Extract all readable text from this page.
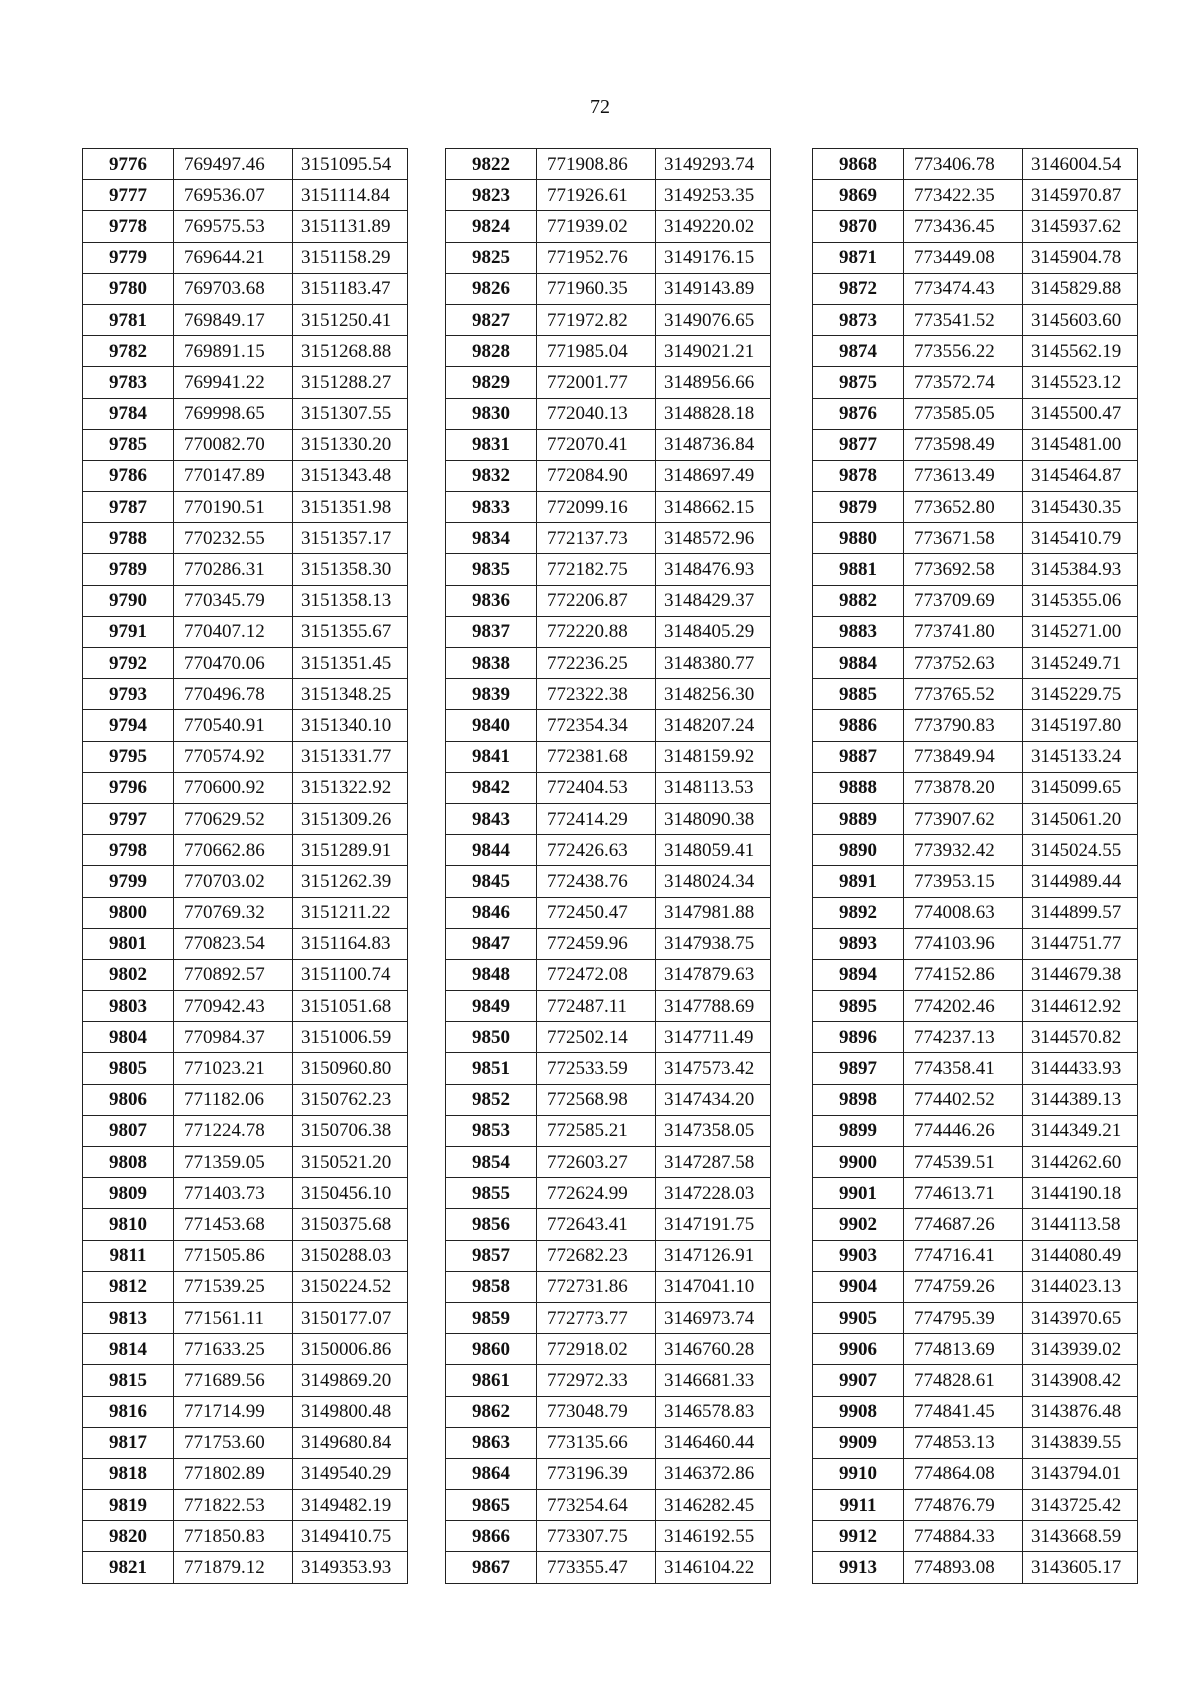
72
9776	769497.46	3151095.54
9777	769536.07	3151114.84
9778	769575.53	3151131.89
9779	769644.21	3151158.29
9780	769703.68	3151183.47
9781	769849.17	3151250.41
9782	769891.15	3151268.88
9783	769941.22	3151288.27
9784	769998.65	3151307.55
9785	770082.70	3151330.20
9786	770147.89	3151343.48
9787	770190.51	3151351.98
9788	770232.55	3151357.17
9789	770286.31	3151358.30
9790	770345.79	3151358.13
9791	770407.12	3151355.67
9792	770470.06	3151351.45
9793	770496.78	3151348.25
9794	770540.91	3151340.10
9795	770574.92	3151331.77
9796	770600.92	3151322.92
9797	770629.52	3151309.26
9798	770662.86	3151289.91
9799	770703.02	3151262.39
9800	770769.32	3151211.22
9801	770823.54	3151164.83
9802	770892.57	3151100.74
9803	770942.43	3151051.68
9804	770984.37	3151006.59
9805	771023.21	3150960.80
9806	771182.06	3150762.23
9807	771224.78	3150706.38
9808	771359.05	3150521.20
9809	771403.73	3150456.10
9810	771453.68	3150375.68
9811	771505.86	3150288.03
9812	771539.25	3150224.52
9813	771561.11	3150177.07
9814	771633.25	3150006.86
9815	771689.56	3149869.20
9816	771714.99	3149800.48
9817	771753.60	3149680.84
9818	771802.89	3149540.29
9819	771822.53	3149482.19
9820	771850.83	3149410.75
9821	771879.12	3149353.93
9822	771908.86	3149293.74
9823	771926.61	3149253.35
9824	771939.02	3149220.02
9825	771952.76	3149176.15
9826	771960.35	3149143.89
9827	771972.82	3149076.65
9828	771985.04	3149021.21
9829	772001.77	3148956.66
9830	772040.13	3148828.18
9831	772070.41	3148736.84
9832	772084.90	3148697.49
9833	772099.16	3148662.15
9834	772137.73	3148572.96
9835	772182.75	3148476.93
9836	772206.87	3148429.37
9837	772220.88	3148405.29
9838	772236.25	3148380.77
9839	772322.38	3148256.30
9840	772354.34	3148207.24
9841	772381.68	3148159.92
9842	772404.53	3148113.53
9843	772414.29	3148090.38
9844	772426.63	3148059.41
9845	772438.76	3148024.34
9846	772450.47	3147981.88
9847	772459.96	3147938.75
9848	772472.08	3147879.63
9849	772487.11	3147788.69
9850	772502.14	3147711.49
9851	772533.59	3147573.42
9852	772568.98	3147434.20
9853	772585.21	3147358.05
9854	772603.27	3147287.58
9855	772624.99	3147228.03
9856	772643.41	3147191.75
9857	772682.23	3147126.91
9858	772731.86	3147041.10
9859	772773.77	3146973.74
9860	772918.02	3146760.28
9861	772972.33	3146681.33
9862	773048.79	3146578.83
9863	773135.66	3146460.44
9864	773196.39	3146372.86
9865	773254.64	3146282.45
9866	773307.75	3146192.55
9867	773355.47	3146104.22
9868	773406.78	3146004.54
9869	773422.35	3145970.87
9870	773436.45	3145937.62
9871	773449.08	3145904.78
9872	773474.43	3145829.88
9873	773541.52	3145603.60
9874	773556.22	3145562.19
9875	773572.74	3145523.12
9876	773585.05	3145500.47
9877	773598.49	3145481.00
9878	773613.49	3145464.87
9879	773652.80	3145430.35
9880	773671.58	3145410.79
9881	773692.58	3145384.93
9882	773709.69	3145355.06
9883	773741.80	3145271.00
9884	773752.63	3145249.71
9885	773765.52	3145229.75
9886	773790.83	3145197.80
9887	773849.94	3145133.24
9888	773878.20	3145099.65
9889	773907.62	3145061.20
9890	773932.42	3145024.55
9891	773953.15	3144989.44
9892	774008.63	3144899.57
9893	774103.96	3144751.77
9894	774152.86	3144679.38
9895	774202.46	3144612.92
9896	774237.13	3144570.82
9897	774358.41	3144433.93
9898	774402.52	3144389.13
9899	774446.26	3144349.21
9900	774539.51	3144262.60
9901	774613.71	3144190.18
9902	774687.26	3144113.58
9903	774716.41	3144080.49
9904	774759.26	3144023.13
9905	774795.39	3143970.65
9906	774813.69	3143939.02
9907	774828.61	3143908.42
9908	774841.45	3143876.48
9909	774853.13	3143839.55
9910	774864.08	3143794.01
9911	774876.79	3143725.42
9912	774884.33	3143668.59
9913	774893.08	3143605.17
